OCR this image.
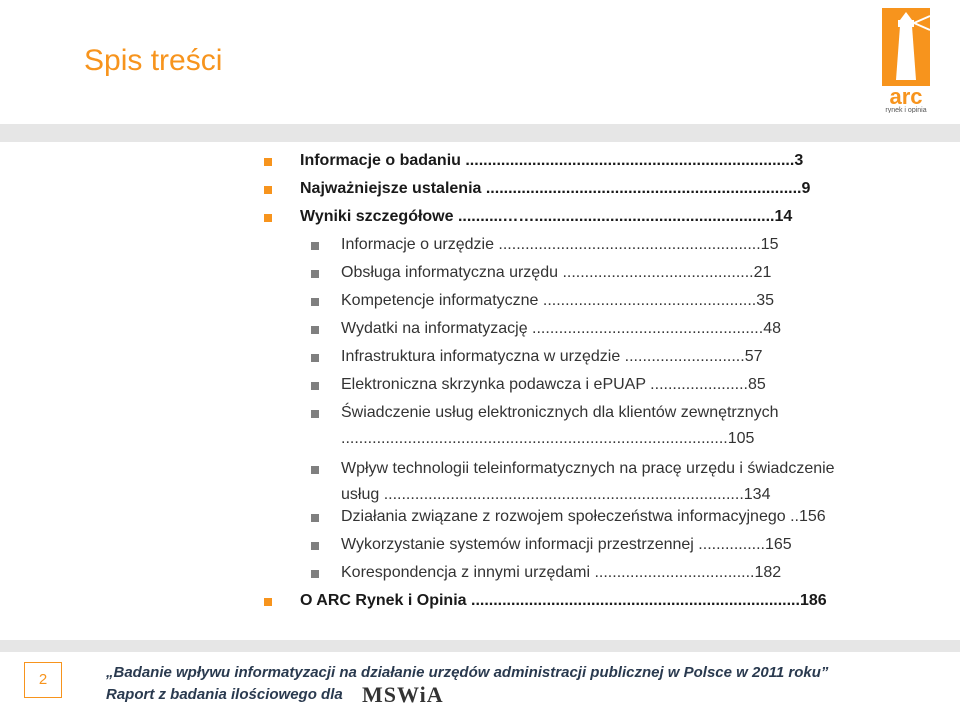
Spis treści
arc
rynek i opinia
Informacje o badaniu ..........................................................................3
Najważniejsze ustalenia .......................................................................9
Wyniki szczegółowe ..........……......................................................14
Informacje o urzędzie ...........................................................15
Obsługa informatyczna urzędu ...........................................21
Kompetencje informatyczne ................................................35
Wydatki na informatyzację ....................................................48
Infrastruktura informatyczna w urzędzie ...........................57
Elektroniczna skrzynka podawcza i ePUAP ......................85
Świadczenie usług elektronicznych dla klientów zewnętrznych
.......................................................................................105
Wpływ technologii teleinformatycznych na pracę urzędu i świadczenie
usług .................................................................................134
Działania związane z rozwojem społeczeństwa informacyjnego ..156
Wykorzystanie systemów informacji przestrzennej ...............165
Korespondencja z innymi urzędami ....................................182
O ARC Rynek i Opinia ..........................................................................186
2	„Badanie wpływu informatyzacji na działanie urzędów administracji publicznej w Polsce w 2011 roku”
Raport z badania ilościowego dla MSWiA
